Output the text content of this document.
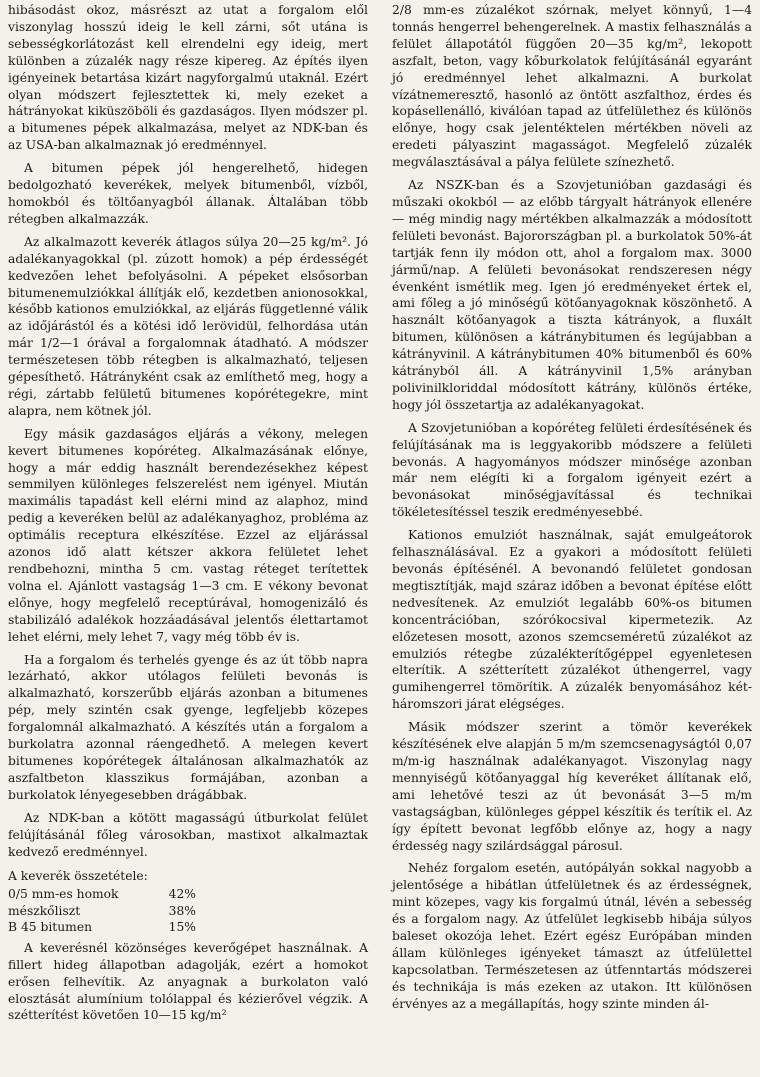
hibásodást okoz, másrészt az utat a forgalom elől viszonylag hosszú ideig le kell zárni, sőt utána is sebességkorlátozást kell elrendelni egy ideig, mert különben a zúzalék nagy része kipereg. Az építés ilyen igényeinek betartása kizárt nagyforgalmú utaknál. Ezért olyan módszert fejlesztettek ki, mely ezeket a hátrányokat kiküszöböli és gazdaságos. Ilyen módszer pl. a bitumenes pépek alkalmazása, melyet az NDK-ban és az USA-ban alkalmaznak jó eredménnyel.

A bitumen pépek jól hengerelhető, hidegen bedolgozható keverékek, melyek bitumenből, vízből, homokból és töltőanyagból állanak. Általában több rétegben alkalmazzák.

Az alkalmazott keverék átlagos súlya 20—25 kg/m². Jó adalékanyagokkal (pl. zúzott homok) a pép érdességét kedvezően lehet befolyásolni. A pépeket elsősorban bitumenemulziókkal állítják elő, kezdetben anionosokkal, később kationos emulziókkal, az eljárás függetlenné válik az időjárástól és a kötési idő lerövidül, felhordása után már 1/2—1 órával a forgalomnak átadható. A módszer természetesen több rétegben is alkalmazható, teljesen gépesíthető. Hátrányként csak az említhető meg, hogy a régi, zártabb felületű bitumenes kopórétegekre, mint alapra, nem kötnek jól.

Egy másik gazdaságos eljárás a vékony, melegen kevert bitumenes kopóréteg. Alkalmazásának előnye, hogy a már eddig használt berendezésekhez képest semmilyen különleges felszerelést nem igényel. Miután maximális tapadást kell elérni mind az alaphoz, mind pedig a keveréken belül az adalékanyaghoz, probléma az optimális receptura elkészítése. Ezzel az eljárással azonos idő alatt kétszer akkora felületet lehet rendbehozni, mintha 5 cm. vastag réteget terítettek volna el. Ajánlott vastagság 1—3 cm. E vékony bevonat előnye, hogy megfelelő receptúrával, homogenizáló és stabilizáló adalékok hozzáadásával jelentős élettartamot lehet elérni, mely lehet 7, vagy még több év is.

Ha a forgalom és terhelés gyenge és az út több napra lezárható, akkor utólagos felületi bevonás is alkalmazható, korszerűbb eljárás azonban a bitumenes pép, mely szintén csak gyenge, legfeljebb közepes forgalomnál alkalmazható. A készítés után a forgalom a burkolatra azonnal ráengedhető. A melegen kevert bitumenes kopórétegek általánosan alkalmazhatók az aszfaltbeton klasszikus formájában, azonban a burkolatok lényegesebben drágábbak.

Az NDK-ban a kötött magasságú útburkolat felület felújításánál főleg városokban, mastixot alkalmaztak kedvező eredménnyel.

A keverék összetétele:
0/5 mm-es homok	42%
mészkőliszt	38%
B 45 bitumen	15%

A keverésnél közönséges keverőgépet használnak. A fillert hideg állapotban adagolják, ezért a homokot erősen felhevítik. Az anyagnak a burkolaton való elosztását alumínium tolólappal és kézierővel végzik. A szétterítést követően 10—15 kg/m²

2/8 mm-es zúzalékot szórnak, melyet könnyű, 1—4 tonnás hengerrel behengerelnek. A mastix felhasználás a felület állapotától függően 20—35 kg/m², lekopott aszfalt, beton, vagy kőburkolatok felújításánál egyaránt jó eredménnyel lehet alkalmazni. A burkolat vízátnemeresztő, hasonló az öntött aszfalthoz, érdes és kopásellenálló, kiválóan tapad az útfelülethez és különös előnye, hogy csak jelentéktelen mértékben növeli az eredeti pályaszint magasságot. Megfelelő zúzalék megválasztásával a pálya felülete színezhető.

Az NSZK-ban és a Szovjetunióban gazdasági és műszaki okokból — az előbb tárgyalt hátrányok ellenére — még mindig nagy mértékben alkalmazzák a módosított felületi bevonást. Bajorországban pl. a burkolatok 50%-át tartják fenn ily módon ott, ahol a forgalom max. 3000 jármű/nap. A felületi bevonásokat rendszeresen négy évenként ismétlik meg. Igen jó eredményeket értek el, ami főleg a jó minőségű kötőanyagoknak köszönhető. A használt kötőanyagok a tiszta kátrányok, a fluxált bitumen, különösen a kátránybitumen és legújabban a kátrányvinil. A kátránybitumen 40% bitumenből és 60% kátrányból áll. A kátrányvinil 1,5% arányban polivinilkloriddal módosított kátrány, különös értéke, hogy jól összetartja az adalékanyagokat.

A Szovjetunióban a kopóréteg felületi érdesítésének és felújításának ma is leggyakoribb módszere a felületi bevonás. A hagyományos módszer minősége azonban már nem elégíti ki a forgalom igényeit ezért a bevonásokat minőségjavítással és technikai tökéletesítéssel teszik eredményesebbé.

Kationos emulziót használnak, saját emulgeátorok felhasználásával. Ez a gyakori a módosított felületi bevonás építésénél. A bevonandó felületet gondosan megtisztítják, majd száraz időben a bevonat építése előtt nedvesítenek. Az emulziót legalább 60%-os bitumen koncentrációban, szórókocsival kipermetezik. Az előzetesen mosott, azonos szemcseméretű zúzalékot az emulziós rétegbe zúzalékterítőgéppel egyenletesen elterítik. A szétterített zúzalékot úthengerrel, vagy gumihengerrel tömörítik. A zúzalék benyomásához két-háromszori járat elégséges.

Másik módszer szerint a tömör keverékek készítésének elve alapján 5 m/m szemcsenagyságtól 0,07 m/m-ig használnak adalékanyagot. Viszonylag nagy mennyiségű kötőanyaggal híg keveréket állítanak elő, ami lehetővé teszi az út bevonását 3—5 m/m vastagságban, különleges géppel készítik és terítik el. Az így épített bevonat legfőbb előnye az, hogy a nagy érdesség nagy szilárdsággal párosul.

Nehéz forgalom esetén, autópályán sokkal nagyobb a jelentősége a hibátlan útfelületnek és az érdességnek, mint közepes, vagy kis forgalmú útnál, lévén a sebesség és a forgalom nagy. Az útfelület legkisebb hibája súlyos baleset okozója lehet. Ezért egész Európában minden állam különleges igényeket támaszt az útfelülettel kapcsolatban. Természetesen az útfenntartás módszerei és technikája is más ezeken az utakon. Itt különösen érvényes az a megállapítás, hogy szinte minden ál-
